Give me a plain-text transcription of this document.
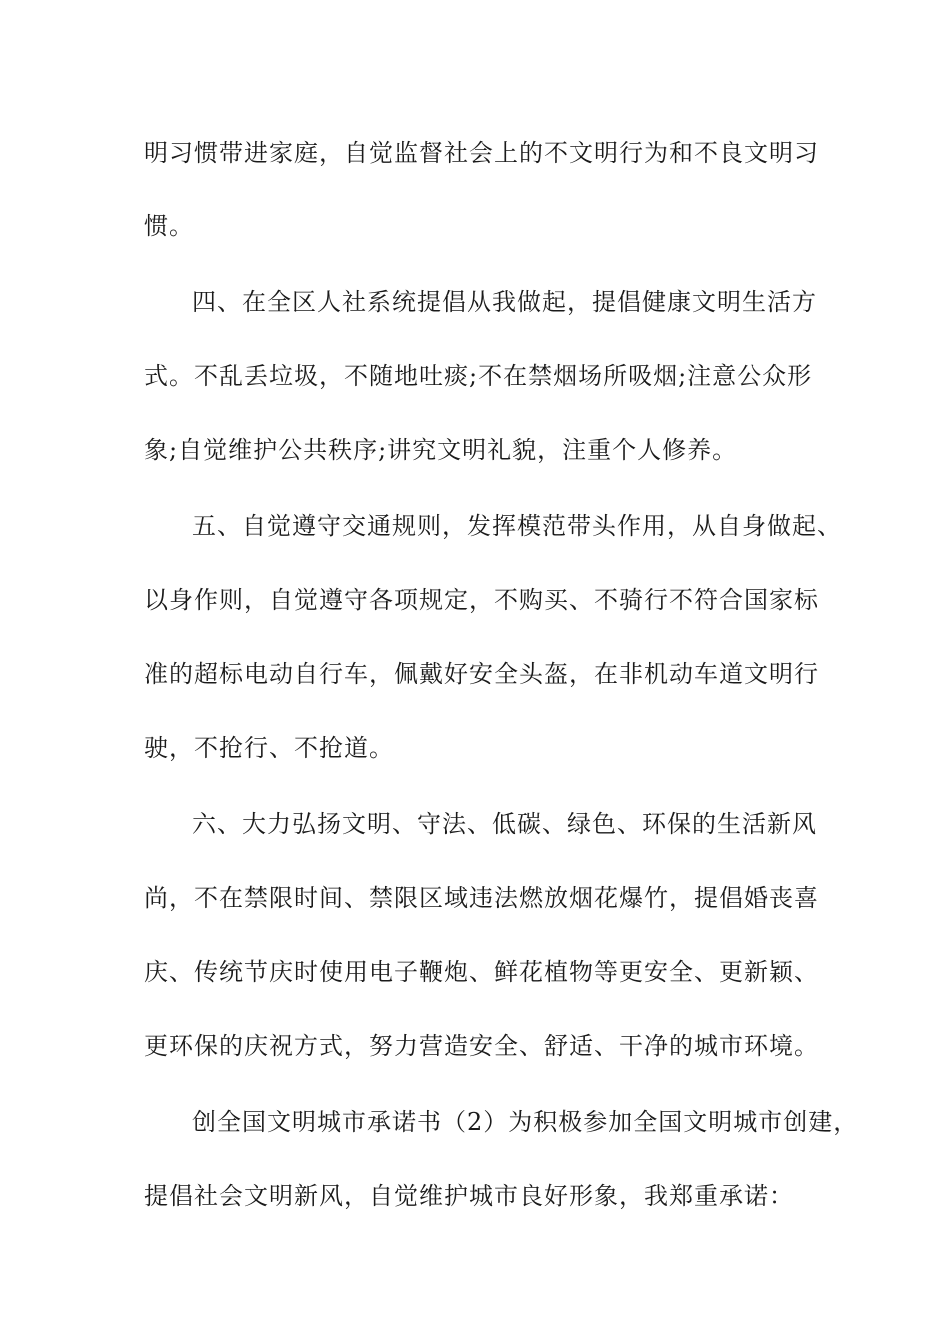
明习惯带进家庭，自觉监督社会上的不文明行为和不良文明习
惯。
四、在全区人社系统提倡从我做起，提倡健康文明生活方
式。不乱丢垃圾，不随地吐痰;不在禁烟场所吸烟;注意公众形
象;自觉维护公共秩序;讲究文明礼貌，注重个人修养。
五、自觉遵守交通规则，发挥模范带头作用，从自身做起、
以身作则，自觉遵守各项规定，不购买、不骑行不符合国家标
准的超标电动自行车，佩戴好安全头盔，在非机动车道文明行
驶，不抢行、不抢道。
六、大力弘扬文明、守法、低碳、绿色、环保的生活新风
尚，不在禁限时间、禁限区域违法燃放烟花爆竹，提倡婚丧喜
庆、传统节庆时使用电子鞭炮、鲜花植物等更安全、更新颖、
更环保的庆祝方式，努力营造安全、舒适、干净的城市环境。
创全国文明城市承诺书（2）为积极参加全国文明城市创建，
提倡社会文明新风，自觉维护城市良好形象，我郑重承诺：
